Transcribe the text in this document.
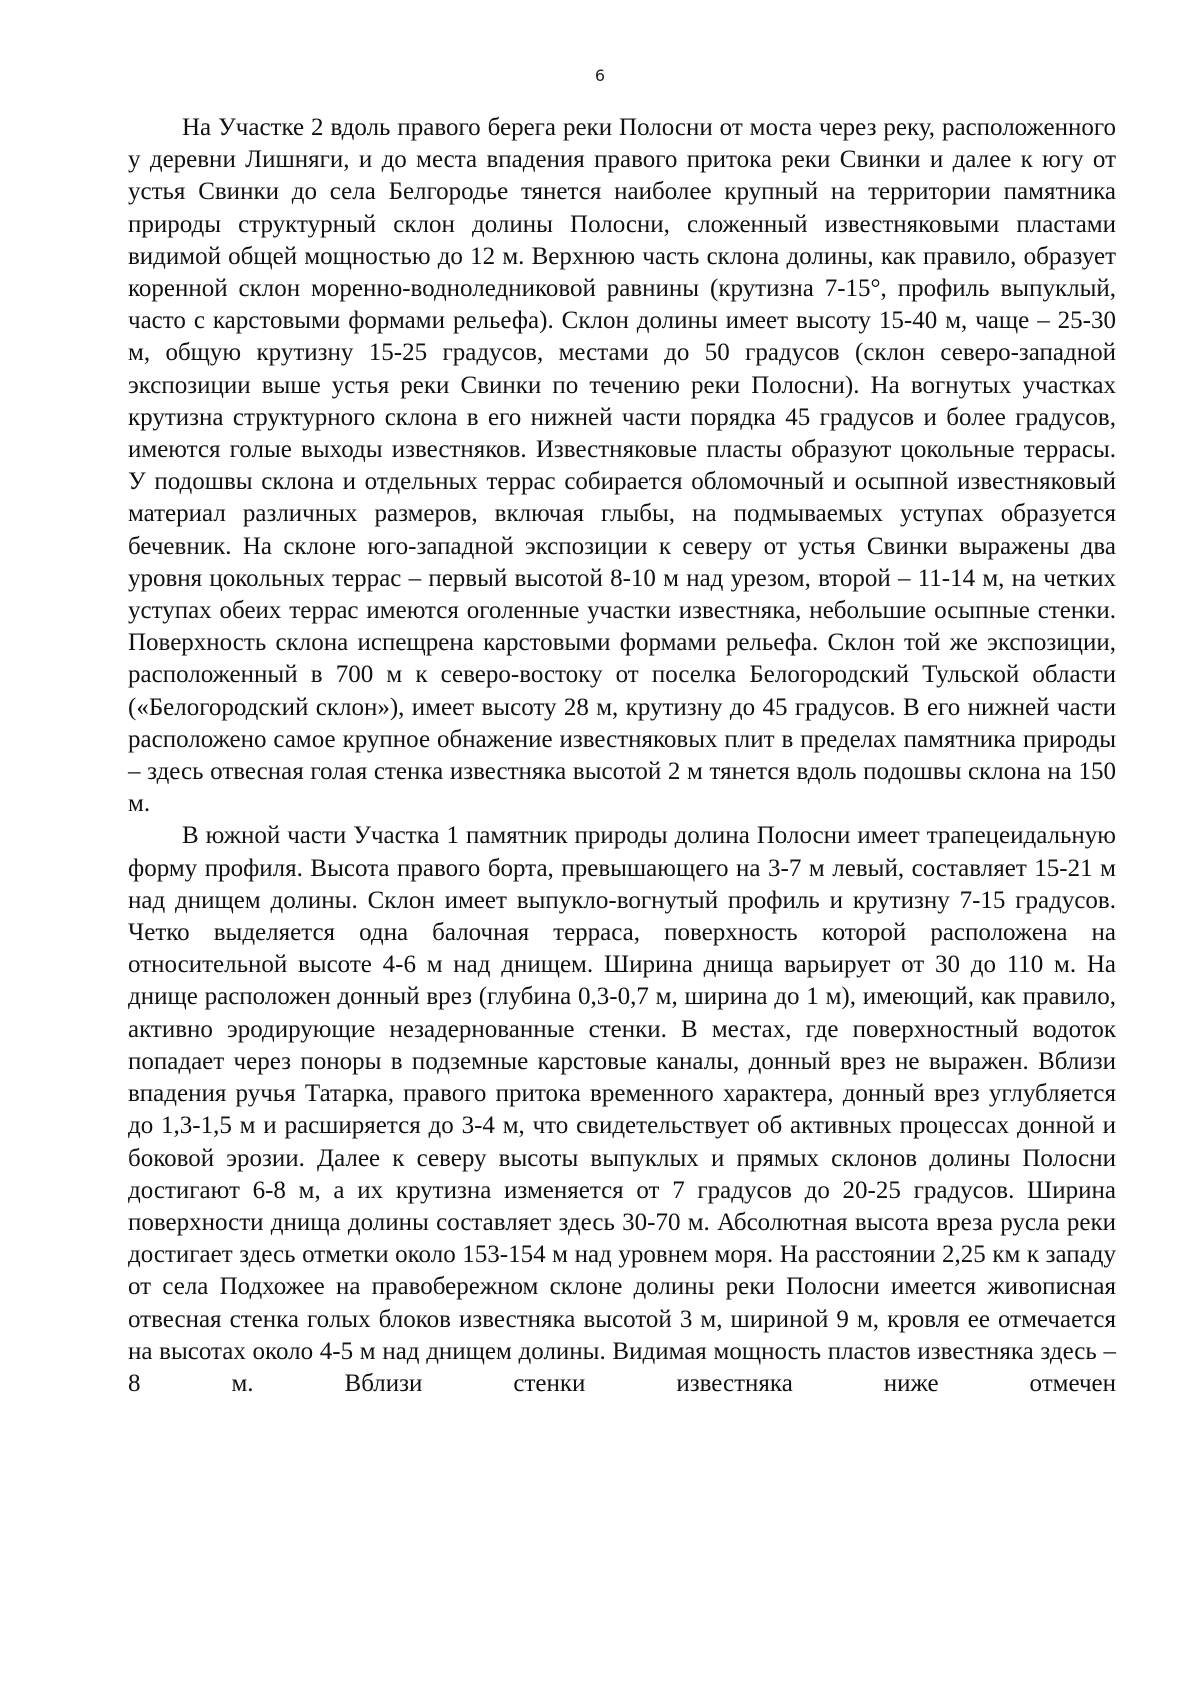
6

На Участке 2 вдоль правого берега реки Полосни от моста через реку, расположенного у деревни Лишняги, и до места впадения правого притока реки Свинки и далее к югу от устья Свинки до села Белгородье тянется наиболее крупный на территории памятника природы структурный склон долины Полосни, сложенный известняковыми пластами видимой общей мощностью до 12 м. Верхнюю часть склона долины, как правило, образует коренной склон моренно-водноледниковой равнины (крутизна 7-15°, профиль выпуклый, часто с карстовыми формами рельефа). Склон долины имеет высоту 15-40 м, чаще – 25-30 м, общую крутизну 15-25 градусов, местами до 50 градусов (склон северо-западной экспозиции выше устья реки Свинки по течению реки Полосни). На вогнутых участках крутизна структурного склона в его нижней части порядка 45 градусов и более градусов, имеются голые выходы известняков. Известняковые пласты образуют цокольные террасы. У подошвы склона и отдельных террас собирается обломочный и осыпной известняковый материал различных размеров, включая глыбы, на подмываемых уступах образуется бечевник. На склоне юго-западной экспозиции к северу от устья Свинки выражены два уровня цокольных террас – первый высотой 8-10 м над урезом, второй – 11-14 м, на четких уступах обеих террас имеются оголенные участки известняка, небольшие осыпные стенки. Поверхность склона испещрена карстовыми формами рельефа. Склон той же экспозиции, расположенный в 700 м к северо-востоку от поселка Белогородский Тульской области («Белогородский склон»), имеет высоту 28 м, крутизну до 45 градусов. В его нижней части расположено самое крупное обнажение известняковых плит в пределах памятника природы – здесь отвесная голая стенка известняка высотой 2 м тянется вдоль подошвы склона на 150 м.

В южной части Участка 1 памятник природы долина Полосни имеет трапецеидальную форму профиля. Высота правого борта, превышающего на 3-7 м левый, составляет 15-21 м над днищем долины. Склон имеет выпукло-вогнутый профиль и крутизну 7-15 градусов. Четко выделяется одна балочная терраса, поверхность которой расположена на относительной высоте 4-6 м над днищем. Ширина днища варьирует от 30 до 110 м. На днище расположен донный врез (глубина 0,3-0,7 м, ширина до 1 м), имеющий, как правило, активно эродирующие незадернованные стенки. В местах, где поверхностный водоток попадает через поноры в подземные карстовые каналы, донный врез не выражен. Вблизи впадения ручья Татарка, правого притока временного характера, донный врез углубляется до 1,3-1,5 м и расширяется до 3-4 м, что свидетельствует об активных процессах донной и боковой эрозии. Далее к северу высоты выпуклых и прямых склонов долины Полосни достигают 6-8 м, а их крутизна изменяется от 7 градусов до 20-25 градусов. Ширина поверхности днища долины составляет здесь 30-70 м. Абсолютная высота вреза русла реки достигает здесь отметки около 153-154 м над уровнем моря. На расстоянии 2,25 км к западу от села Подхожее на правобережном склоне долины реки Полосни имеется живописная отвесная стенка голых блоков известняка высотой 3 м, шириной 9 м, кровля ее отмечается на высотах около 4-5 м над днищем долины. Видимая мощность пластов известняка здесь – 8 м. Вблизи стенки известняка ниже отмечен
